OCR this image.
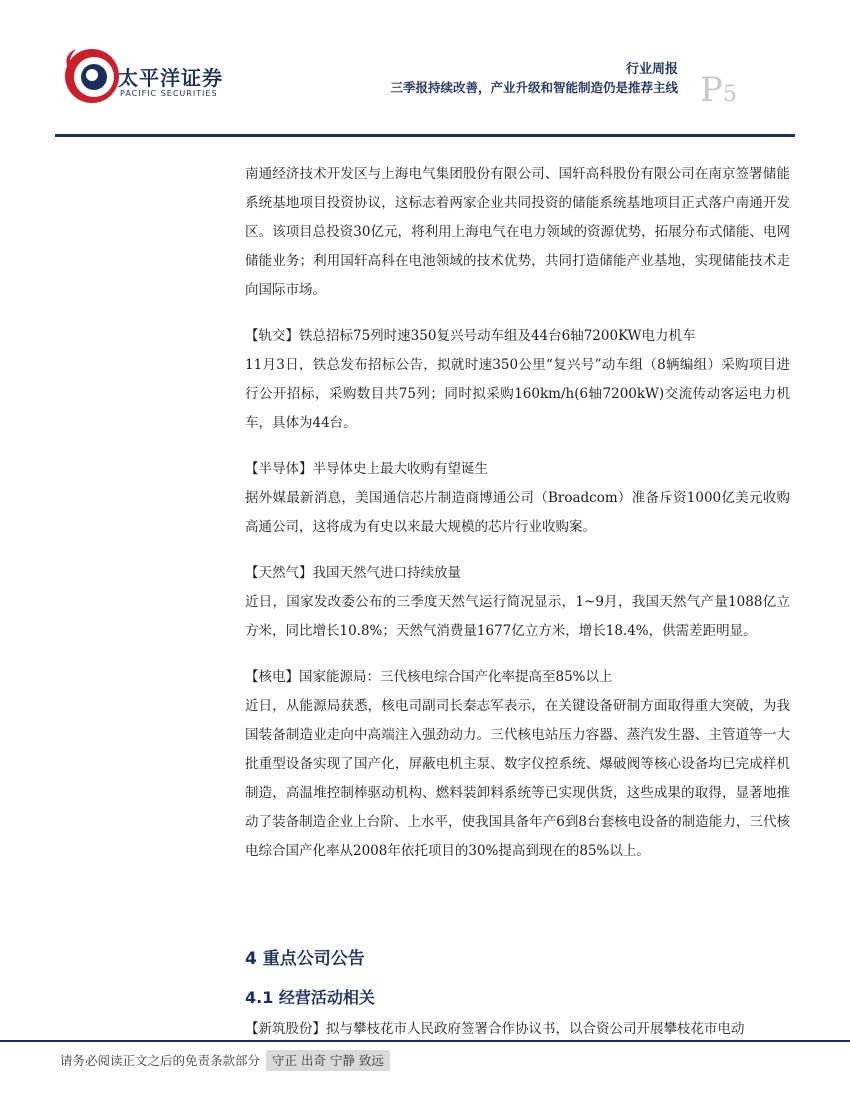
太平洋证券
PACIFIC SECURITIES
行业周报
三季报持续改善，产业升级和智能制造仍是推荐主线 P5

南通经济技术开发区与上海电气集团股份有限公司、国轩高科股份有限公司在南京签署储能系统基地项目投资协议，这标志着两家企业共同投资的储能系统基地项目正式落户南通开发区。该项目总投资30亿元，将利用上海电气在电力领域的资源优势，拓展分布式储能、电网储能业务；利用国轩高科在电池领域的技术优势，共同打造储能产业基地，实现储能技术走向国际市场。

【轨交】铁总招标75列时速350复兴号动车组及44台6轴7200KW电力机车

11月3日，铁总发布招标公告，拟就时速350公里“复兴号”动车组（8辆编组）采购项目进行公开招标，采购数目共75列；同时拟采购160km/h(6轴7200kW)交流传动客运电力机车，具体为44台。

【半导体】半导体史上最大收购有望诞生

据外媒最新消息，美国通信芯片制造商博通公司（Broadcom）准备斥资1000亿美元收购高通公司，这将成为有史以来最大规模的芯片行业收购案。

【天然气】我国天然气进口持续放量

近日，国家发改委公布的三季度天然气运行简况显示，1~9月，我国天然气产量1088亿立方米，同比增长10.8%；天然气消费量1677亿立方米，增长18.4%，供需差距明显。

【核电】国家能源局：三代核电综合国产化率提高至85%以上

近日，从能源局获悉，核电司副司长秦志军表示，在关键设备研制方面取得重大突破，为我国装备制造业走向中高端注入强劲动力。三代核电站压力容器、蒸汽发生器、主管道等一大批重型设备实现了国产化，屏蔽电机主泵、数字仪控系统、爆破阀等核心设备均已完成样机制造，高温堆控制棒驱动机构、燃料装卸料系统等已实现供货，这些成果的取得，显著地推动了装备制造企业上台阶、上水平，使我国具备年产6到8台套核电设备的制造能力，三代核电综合国产化率从2008年依托项目的30%提高到现在的85%以上。

4 重点公司公告
4.1 经营活动相关
【新筑股份】拟与攀枝花市人民政府签署合作协议书，以合资公司开展攀枝花市电动
请务必阅读正文之后的免责条款部分 守正 出奇 宁静 致远
